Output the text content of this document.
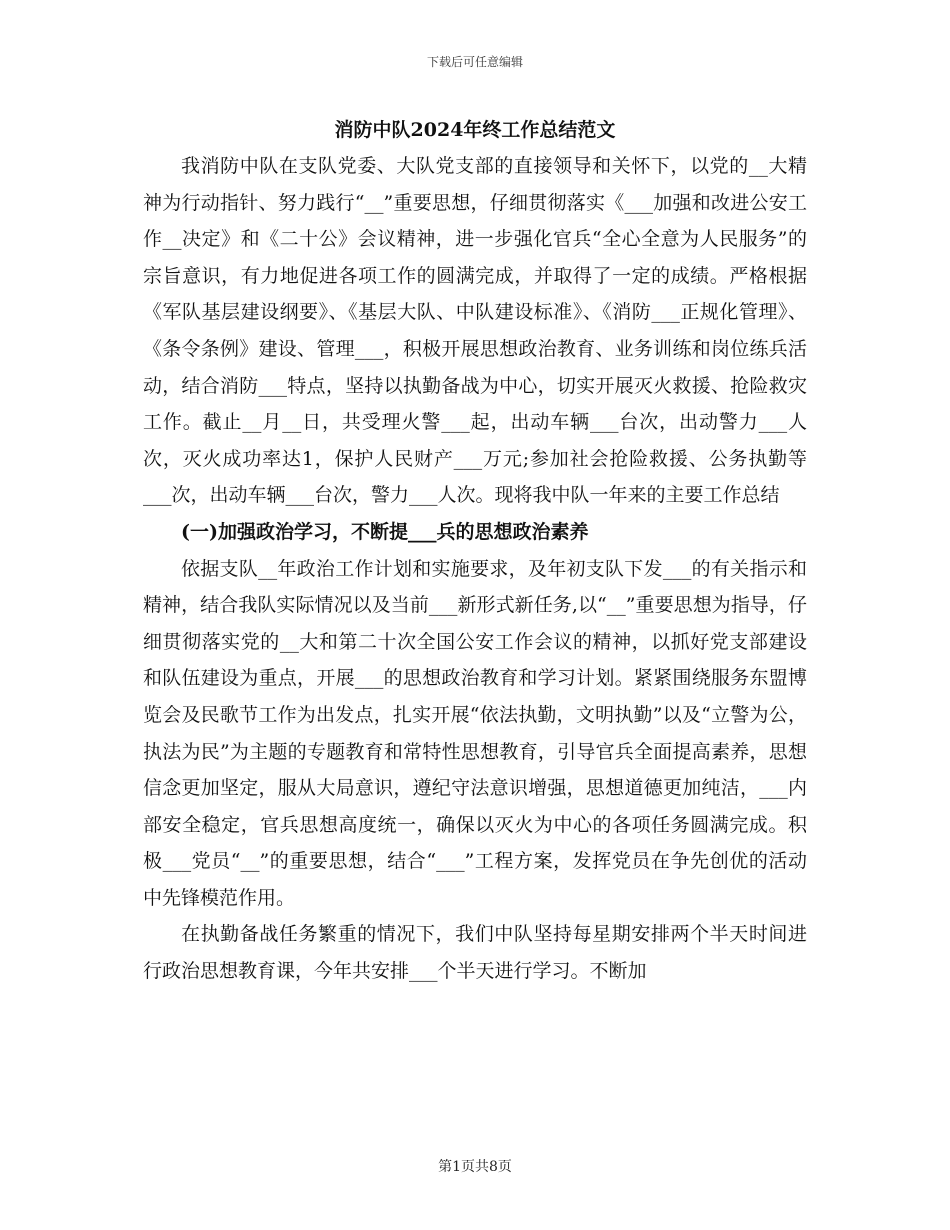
下载后可任意编辑
消防中队2024年终工作总结范文

我消防中队在支队党委、大队党支部的直接领导和关怀下，以党的__大精神为行动指针、努力践行“__”重要思想，仔细贯彻落实《___加强和改进公安工作__决定》和《二十公》会议精神，进一步强化官兵“全心全意为人民服务”的宗旨意识，有力地促进各项工作的圆满完成，并取得了一定的成绩。严格根据《军队基层建设纲要》、《基层大队、中队建设标准》、《消防___正规化管理》、《条令条例》建设、管理___，积极开展思想政治教育、业务训练和岗位练兵活动，结合消防___特点，坚持以执勤备战为中心，切实开展灭火救援、抢险救灾工作。截止__月__日，共受理火警___起，出动车辆___台次，出动警力___人次，灭火成功率达1，保护人民财产___万元;参加社会抢险救援、公务执勤等___次，出动车辆___台次，警力___人次。现将我中队一年来的主要工作总结

(一)加强政治学习，不断提___兵的思想政治素养

依据支队__年政治工作计划和实施要求，及年初支队下发___的有关指示和精神，结合我队实际情况以及当前___新形式新任务,以“__”重要思想为指导，仔细贯彻落实党的__大和第二十次全国公安工作会议的精神，以抓好党支部建设和队伍建设为重点，开展___的思想政治教育和学习计划。紧紧围绕服务东盟博览会及民歌节工作为出发点，扎实开展“依法执勤，文明执勤”以及“立警为公，执法为民”为主题的专题教育和常特性思想教育，引导官兵全面提高素养，思想信念更加坚定，服从大局意识，遵纪守法意识增强，思想道德更加纯洁，___内部安全稳定，官兵思想高度统一，确保以灭火为中心的各项任务圆满完成。积极___党员“__”的重要思想，结合“___”工程方案，发挥党员在争先创优的活动中先锋模范作用。

在执勤备战任务繁重的情况下，我们中队坚持每星期安排两个半天时间进行政治思想教育课，今年共安排___个半天进行学习。不断加

第1页共8页
